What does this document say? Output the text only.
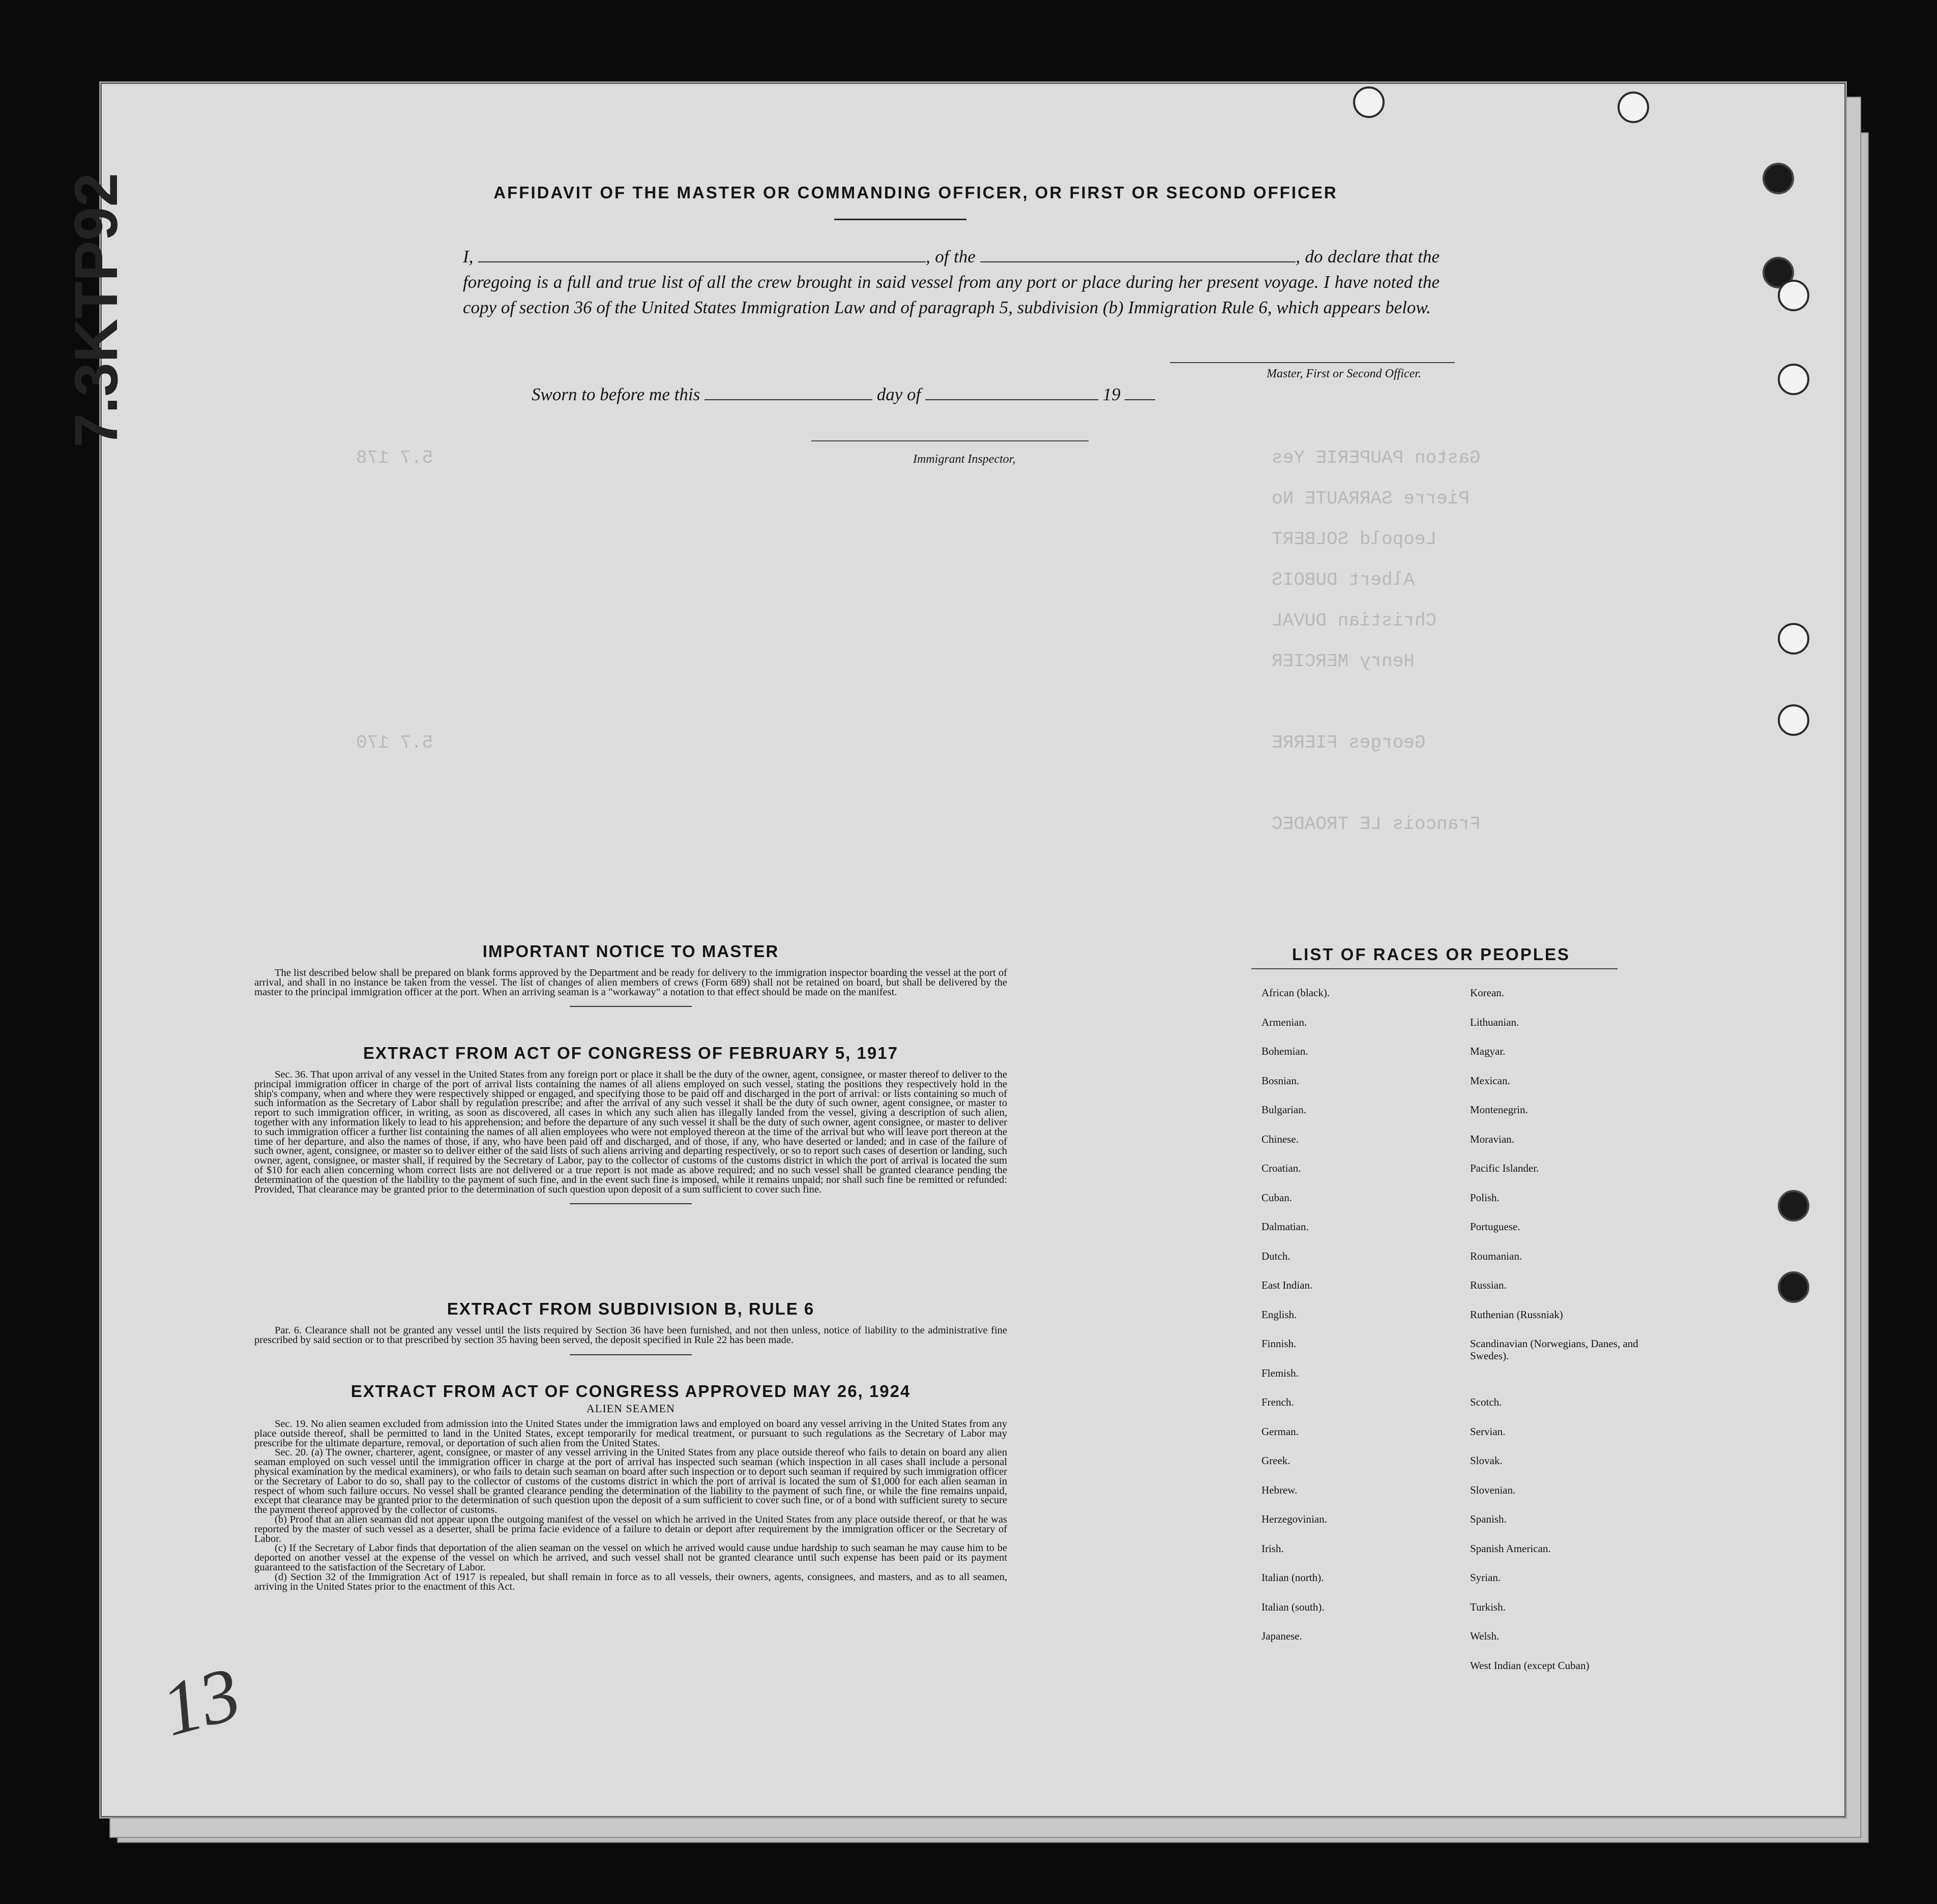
Gaston PAUPERIE Yes
Pierre SARRAUTE No
Leopold SOLBERT
Albert DUBOIS
Christian DUVAL
Henry MERCIER
Georges FIERRE
Francois LE TROADEC
5.7 178
5.7 170
7.3KTP92	AFFIDAVIT OF THE MASTER OR COMMANDING OFFICER, OR FIRST OR SECOND OFFICER
I,	, of the	, do declare that the foregoing is a full and true list of all the crew brought in said vessel from any port or place during her present voyage. I have noted the copy of section 36 of the United States Immigration Law and of paragraph 5, subdivision (b) Immigration Rule 6, which appears below.
Master, First or Second Officer.
Sworn to before me this	day of	19
Immigrant Inspector,
IMPORTANT NOTICE TO MASTER

The list described below shall be prepared on blank forms approved by the Department and be ready for delivery to the immigration inspector boarding the vessel at the port of arrival, and shall in no instance be taken from the vessel. The list of changes of alien members of crews (Form 689) shall not be retained on board, but shall be delivered by the master to the principal immigration officer at the port. When an arriving seaman is a "workaway" a notation to that effect should be made on the manifest.

EXTRACT FROM ACT OF CONGRESS OF FEBRUARY 5, 1917

Sec. 36. That upon arrival of any vessel in the United States from any foreign port or place it shall be the duty of the owner, agent, consignee, or master thereof to deliver to the principal immigration officer in charge of the port of arrival lists containing the names of all aliens employed on such vessel, stating the positions they respectively hold in the ship's company, when and where they were respectively shipped or engaged, and specifying those to be paid off and discharged in the port of arrival: or lists containing so much of such information as the Secretary of Labor shall by regulation prescribe; and after the arrival of any such vessel it shall be the duty of such owner, agent consignee, or master to report to such immigration officer, in writing, as soon as discovered, all cases in which any such alien has illegally landed from the vessel, giving a description of such alien, together with any information likely to lead to his apprehension; and before the departure of any such vessel it shall be the duty of such owner, agent consignee, or master to deliver to such immigration officer a further list containing the names of all alien employees who were not employed thereon at the time of the arrival but who will leave port thereon at the time of her departure, and also the names of those, if any, who have been paid off and discharged, and of those, if any, who have deserted or landed; and in case of the failure of such owner, agent, consignee, or master so to deliver either of the said lists of such aliens arriving and departing respectively, or so to report such cases of desertion or landing, such owner, agent, consignee, or master shall, if required by the Secretary of Labor, pay to the collector of customs of the customs district in which the port of arrival is located the sum of $10 for each alien concerning whom correct lists are not delivered or a true report is not made as above required; and no such vessel shall be granted clearance pending the determination of the question of the liability to the payment of such fine, and in the event such fine is imposed, while it remains unpaid; nor shall such fine be remitted or refunded: Provided, That clearance may be granted prior to the determination of such question upon deposit of a sum sufficient to cover such fine.

EXTRACT FROM SUBDIVISION B, RULE 6

Par. 6. Clearance shall not be granted any vessel until the lists required by Section 36 have been furnished, and not then unless, notice of liability to the administrative fine prescribed by said section or to that prescribed by section 35 having been served, the deposit specified in Rule 22 has been made.

EXTRACT FROM ACT OF CONGRESS APPROVED MAY 26, 1924
ALIEN SEAMEN

Sec. 19. No alien seamen excluded from admission into the United States under the immigration laws and employed on board any vessel arriving in the United States from any place outside thereof, shall be permitted to land in the United States, except temporarily for medical treatment, or pursuant to such regulations as the Secretary of Labor may prescribe for the ultimate departure, removal, or deportation of such alien from the United States.

Sec. 20. (a) The owner, charterer, agent, consignee, or master of any vessel arriving in the United States from any place outside thereof who fails to detain on board any alien seaman employed on such vessel until the immigration officer in charge at the port of arrival has inspected such seaman (which inspection in all cases shall include a personal physical examination by the medical examiners), or who fails to detain such seaman on board after such inspection or to deport such seaman if required by such immigration officer or the Secretary of Labor to do so, shall pay to the collector of customs of the customs district in which the port of arrival is located the sum of $1,000 for each alien seaman in respect of whom such failure occurs. No vessel shall be granted clearance pending the determination of the liability to the payment of such fine, or while the fine remains unpaid, except that clearance may be granted prior to the determination of such question upon the deposit of a sum sufficient to cover such fine, or of a bond with sufficient surety to secure the payment thereof approved by the collector of customs.

(b) Proof that an alien seaman did not appear upon the outgoing manifest of the vessel on which he arrived in the United States from any place outside thereof, or that he was reported by the master of such vessel as a deserter, shall be prima facie evidence of a failure to detain or deport after requirement by the immigration officer or the Secretary of Labor.

(c) If the Secretary of Labor finds that deportation of the alien seaman on the vessel on which he arrived would cause undue hardship to such seaman he may cause him to be deported on another vessel at the expense of the vessel on which he arrived, and such vessel shall not be granted clearance until such expense has been paid or its payment guaranteed to the satisfaction of the Secretary of Labor.

(d) Section 32 of the Immigration Act of 1917 is repealed, but shall remain in force as to all vessels, their owners, agents, consignees, and masters, and as to all seamen, arriving in the United States prior to the enactment of this Act.

LIST OF RACES OR PEOPLES
African (black).
Armenian.
Bohemian.
Bosnian.
Bulgarian.
Chinese.
Croatian.
Cuban.
Dalmatian.
Dutch.
East Indian.
English.
Finnish.
Flemish.
French.
German.
Greek.
Hebrew.
Herzegovinian.
Irish.
Italian (north).
Italian (south).
Japanese.
Korean.
Lithuanian.
Magyar.
Mexican.
Montenegrin.
Moravian.
Pacific Islander.
Polish.
Portuguese.
Roumanian.
Russian.
Ruthenian (Russniak)
Scandinavian (Norwegians, Danes, and Swedes).
Scotch.
Servian.
Slovak.
Slovenian.
Spanish.
Spanish American.
Syrian.
Turkish.
Welsh.
West Indian (except Cuban)
13
